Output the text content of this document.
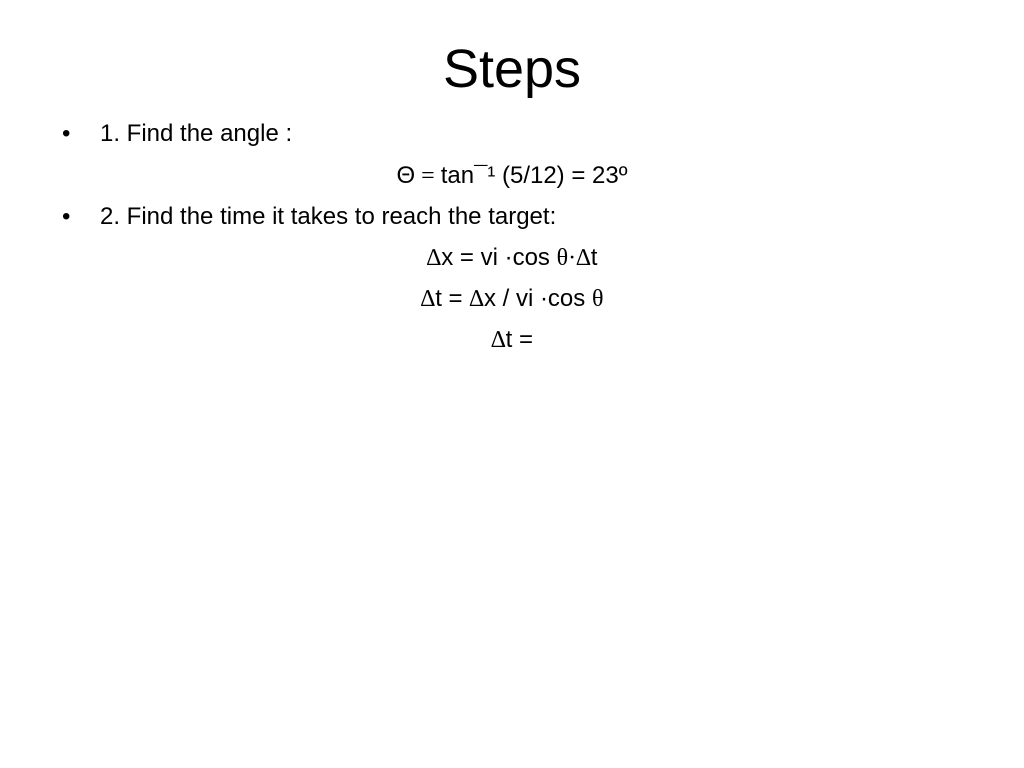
Steps
• 1. Find the angle :
Θ = tan¯¹ (5/12) = 23º
• 2. Find the time it takes to reach the target:
∆x = vi ·cos θ·∆t
∆t = ∆x / vi ·cos θ
∆t =
